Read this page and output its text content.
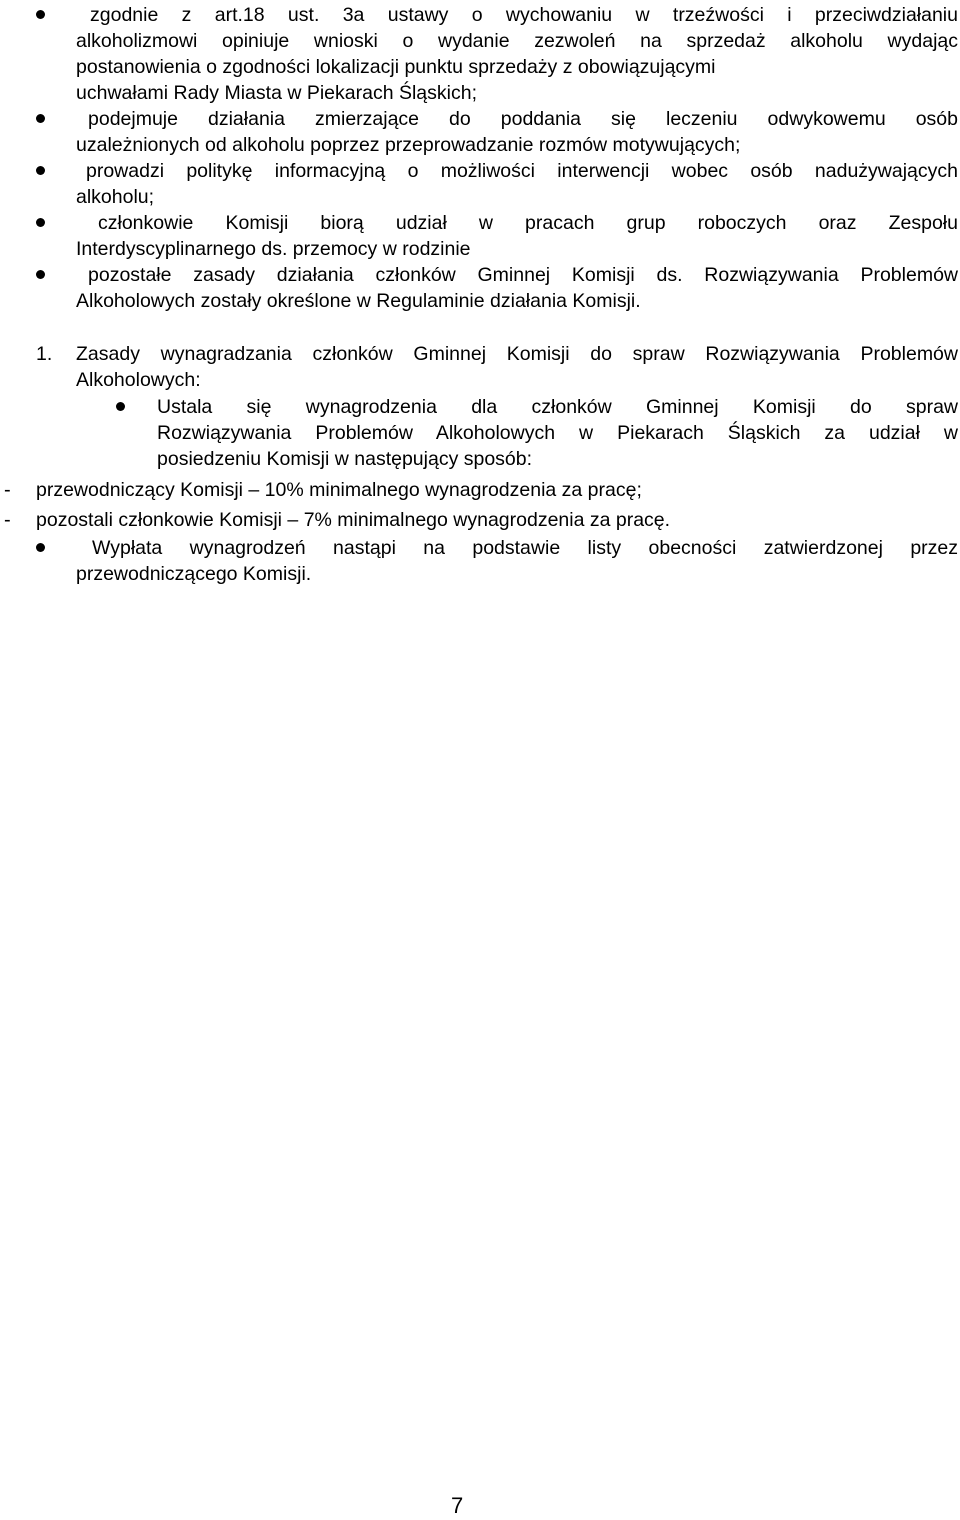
zgodnie z art.18 ust. 3a ustawy o wychowaniu w trzeźwości i przeciwdziałaniu
alkoholizmowi opiniuje wnioski o wydanie zezwoleń na sprzedaż alkoholu wydając
postanowienia o zgodności lokalizacji punktu sprzedaży z obowiązującymi
uchwałami Rady Miasta w Piekarach Śląskich;
podejmuje działania zmierzające do poddania się leczeniu odwykowemu osób
uzależnionych od alkoholu poprzez przeprowadzanie rozmów motywujących;
prowadzi politykę informacyjną o możliwości interwencji wobec osób nadużywających
alkoholu;
członkowie Komisji biorą udział w pracach grup roboczych oraz Zespołu
Interdyscyplinarnego ds. przemocy w rodzinie
pozostałe zasady działania członków Gminnej Komisji ds. Rozwiązywania Problemów
Alkoholowych zostały określone w Regulaminie działania Komisji.
1. Zasady wynagradzania członków Gminnej Komisji do spraw Rozwiązywania Problemów
Alkoholowych:
Ustala się wynagrodzenia dla członków Gminnej Komisji do spraw
Rozwiązywania Problemów Alkoholowych w Piekarach Śląskich za udział w
posiedzeniu Komisji w następujący sposób:
- przewodniczący Komisji – 10% minimalnego wynagrodzenia za pracę;
- pozostali członkowie Komisji – 7% minimalnego wynagrodzenia za pracę.
Wypłata wynagrodzeń nastąpi na podstawie listy obecności zatwierdzonej przez
przewodniczącego Komisji.
7
